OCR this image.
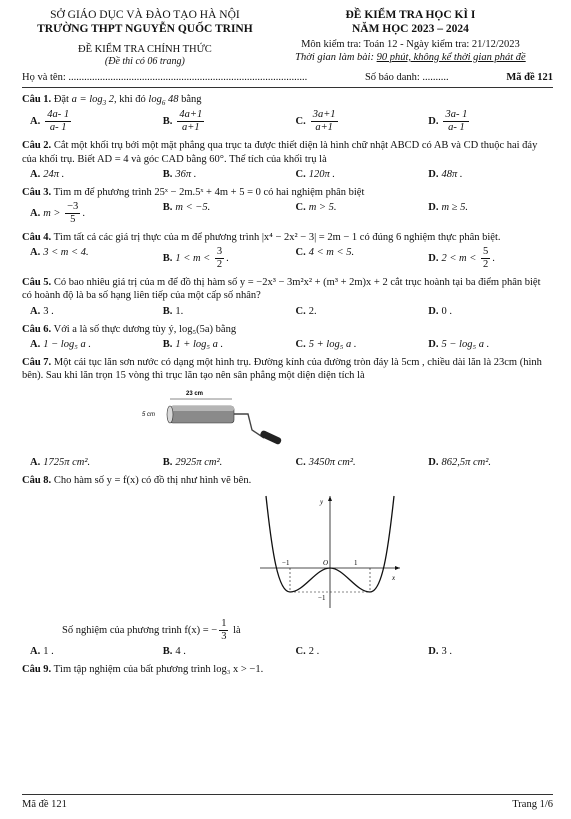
SỞ GIÁO DỤC VÀ ĐÀO TẠO HÀ NỘI
TRƯỜNG THPT NGUYỄN QUỐC TRINH
ĐỀ KIỂM TRA CHÍNH THỨC
(Đề thi có 06 trang)
ĐỀ KIỂM TRA HỌC KÌ I
NĂM HỌC 2023 – 2024
Môn kiểm tra: Toán 12 - Ngày kiểm tra: 21/12/2023
Thời gian làm bài: 90 phút, không kể thời gian phát đề
Họ và tên: ...........................................................................................	Số báo danh: ..........	Mã đề 121
Câu 1. Đặt $a = \log_3 2$, khi đó $\log_6 48$ bằng
A. $\frac{4a- 1}{a- 1}$	B. $\frac{4a+1}{a+1}$	C. $\frac{3a+1}{a+1}$	D. $\frac{3a- 1}{a- 1}$
Câu 2. Cắt một khối trụ bởi một mặt phẳng qua trục ta được thiết diện là hình chữ nhật ABCD có AB và CD thuộc hai đáy của khối trụ. Biết AD = 4 và góc CAD bằng 60°. Thể tích của khối trụ là
A. 24π .	B. 36π .	C. 120π .	D. 48π .
Câu 3. Tìm m để phương trình 25ˣ − 2m.5ˣ + 4m + 5 = 0 có hai nghiệm phân biệt
A. $m > \frac{-3}{5}$ .
B. m < −5.	C. m > 5.	D. m ≥ 5.
Câu 4. Tìm tất cả các giá trị thực của m để phương trình |x⁴ − 2x² − 3| = 2m − 1 có đúng 6 nghiệm thực phân biệt.
A. 3 < m < 4.
B. $1 < m < \frac{3}{2}$ .
C. 4 < m < 5.
D. $2 < m < \frac{5}{2}$ .
Câu 5. Có bao nhiêu giá trị của m để đồ thị hàm số y = −2x³ − 3m²x² + (m³ + 2m)x + 2 cắt trục hoành tại ba điểm phân biệt có hoành độ là ba số hạng liên tiếp của một cấp số nhân?
A. 3 .	B. 1.	C. 2.	D. 0 .
Câu 6. Với a là số thực dương tùy ý, log₅(5a) bằng
A. 1 − log₅ a .	B. 1 + log₅ a .	C. 5 + log₅ a .	D. 5 − log₅ a .
Câu 7. Một cái tục lăn sơn nước có dạng một hình trụ. Đường kính của đường tròn đáy là 5cm , chiều dài lăn là 23cm (hình bên). Sau khi lăn trọn 15 vòng thì trục lăn tạo nên sân phẳng một diện diện tích là
23 cm
5 cm
A. 1725π cm².	B. 2925π cm².	C. 3450π cm².	D. 862,5π cm².
Câu 8. Cho hàm số y = f(x) có đồ thị như hình vẽ bên.
y
x
O
−1	1
−1
Số nghiệm của phương trình f(x) = − $\frac{1}{3}$ là
A. 1 .	B. 4 .	C. 2 .	D. 3 .
Câu 9. Tìm tập nghiệm của bất phương trình log₃ x > −1.
Mã đề 121	Trang 1/6
